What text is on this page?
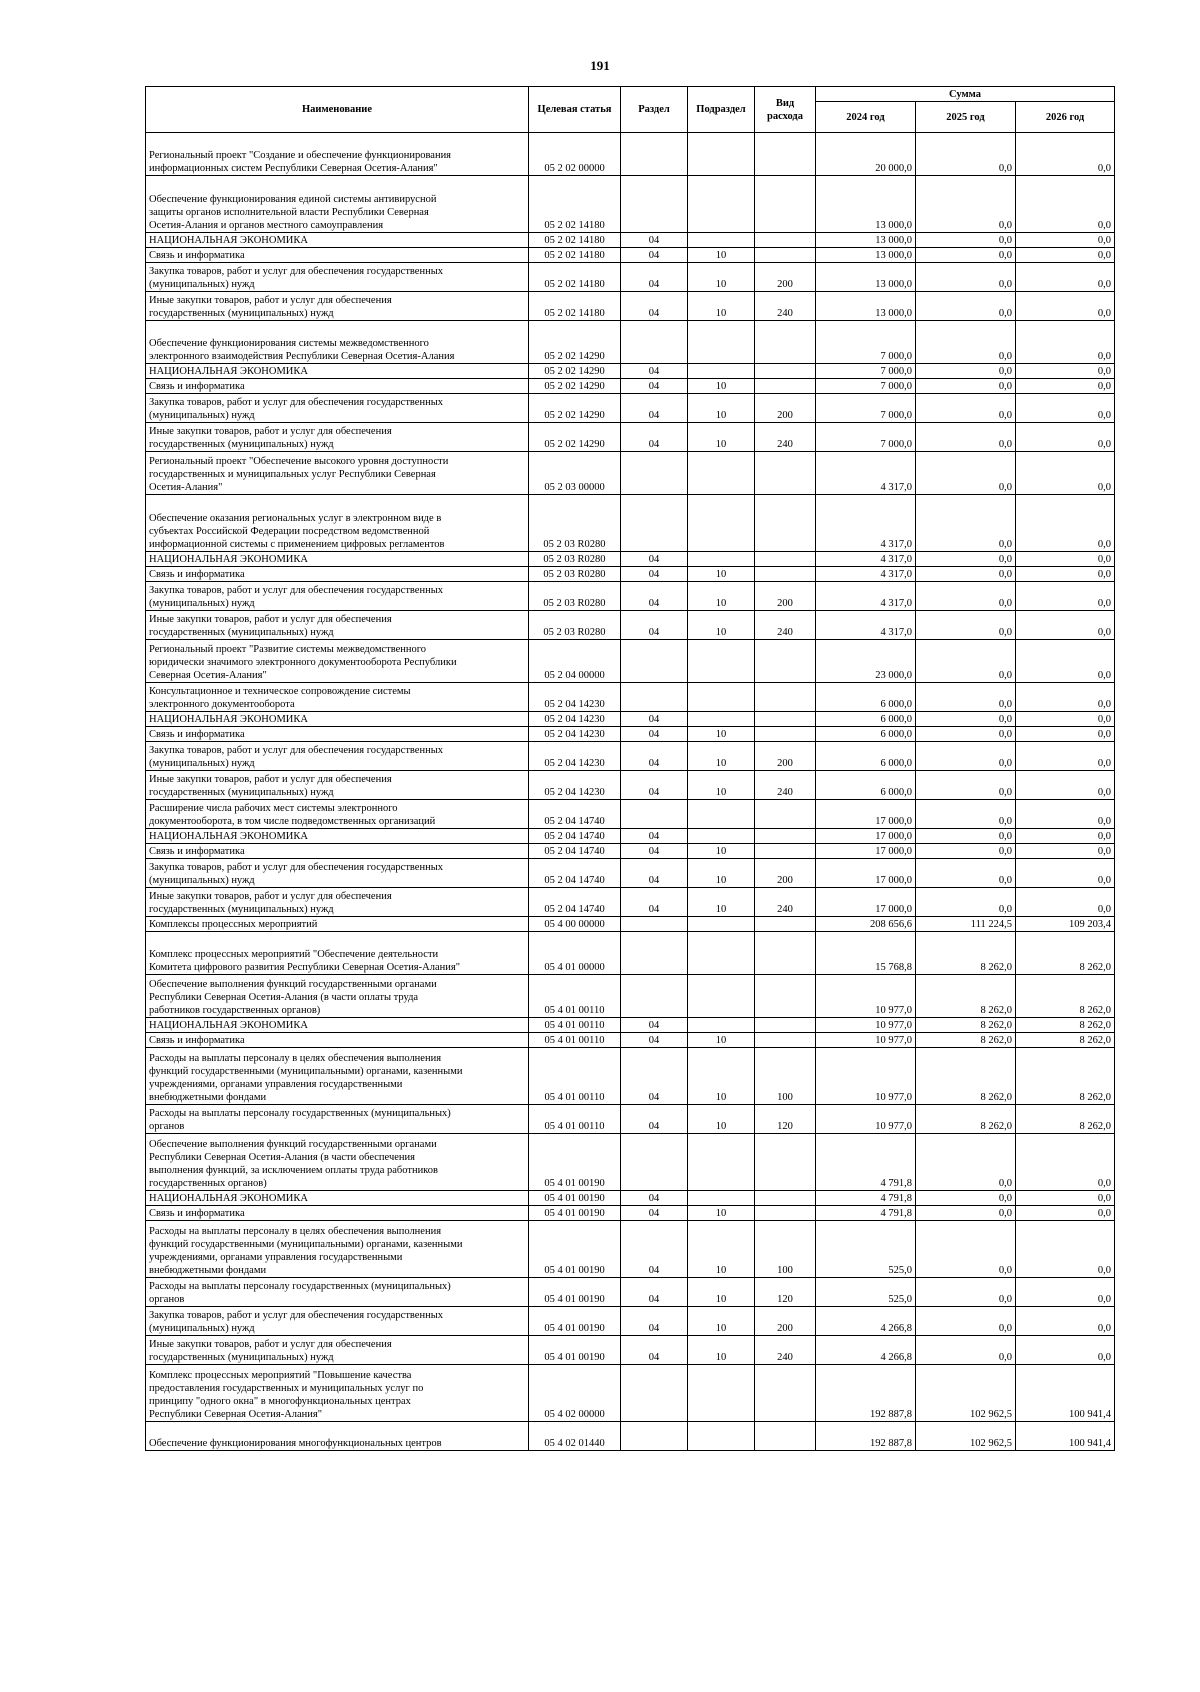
191
Наименование	Целевая статья	Раздел	Подраздел	Вид расхода	Сумма		
					2024 год	2025 год	2026 год
Региональный проект "Создание и обеспечение функционирования
информационных систем Республики Северная Осетия-Алания"	05 2 02 00000				20 000,0	0,0	0,0
Обеспечение функционирования единой системы антивирусной
защиты органов исполнительной власти Республики Северная
Осетия-Алания и органов местного самоуправления	05 2 02 14180				13 000,0	0,0	0,0
НАЦИОНАЛЬНАЯ ЭКОНОМИКА	05 2 02 14180	04			13 000,0	0,0	0,0
Связь и информатика	05 2 02 14180	04	10		13 000,0	0,0	0,0
Закупка товаров, работ и услуг для обеспечения государственных
(муниципальных) нужд	05 2 02 14180	04	10	200	13 000,0	0,0	0,0
Иные закупки товаров, работ и услуг для обеспечения
государственных (муниципальных) нужд	05 2 02 14180	04	10	240	13 000,0	0,0	0,0
Обеспечение функционирования системы межведомственного
электронного взаимодействия Республики Северная Осетия-Алания	05 2 02 14290				7 000,0	0,0	0,0
НАЦИОНАЛЬНАЯ ЭКОНОМИКА	05 2 02 14290	04			7 000,0	0,0	0,0
Связь и информатика	05 2 02 14290	04	10		7 000,0	0,0	0,0
Закупка товаров, работ и услуг для обеспечения государственных
(муниципальных) нужд	05 2 02 14290	04	10	200	7 000,0	0,0	0,0
Иные закупки товаров, работ и услуг для обеспечения
государственных (муниципальных) нужд	05 2 02 14290	04	10	240	7 000,0	0,0	0,0
Региональный проект "Обеспечение высокого уровня доступности
государственных и муниципальных услуг Республики Северная
Осетия-Алания"	05 2 03 00000				4 317,0	0,0	0,0
Обеспечение оказания региональных услуг в электронном виде в
субъектах Российской Федерации посредством ведомственной
информационной системы с применением цифровых регламентов	05 2 03 R0280				4 317,0	0,0	0,0
НАЦИОНАЛЬНАЯ ЭКОНОМИКА	05 2 03 R0280	04			4 317,0	0,0	0,0
Связь и информатика	05 2 03 R0280	04	10		4 317,0	0,0	0,0
Закупка товаров, работ и услуг для обеспечения государственных
(муниципальных) нужд	05 2 03 R0280	04	10	200	4 317,0	0,0	0,0
Иные закупки товаров, работ и услуг для обеспечения
государственных (муниципальных) нужд	05 2 03 R0280	04	10	240	4 317,0	0,0	0,0
Региональный проект "Развитие системы межведомственного
юридически значимого электронного документооборота Республики
Северная Осетия-Алания"	05 2 04 00000				23 000,0	0,0	0,0
Консультационное и техническое сопровождение системы
электронного документооборота	05 2 04 14230				6 000,0	0,0	0,0
НАЦИОНАЛЬНАЯ ЭКОНОМИКА	05 2 04 14230	04			6 000,0	0,0	0,0
Связь и информатика	05 2 04 14230	04	10		6 000,0	0,0	0,0
Закупка товаров, работ и услуг для обеспечения государственных
(муниципальных) нужд	05 2 04 14230	04	10	200	6 000,0	0,0	0,0
Иные закупки товаров, работ и услуг для обеспечения
государственных (муниципальных) нужд	05 2 04 14230	04	10	240	6 000,0	0,0	0,0
Расширение числа рабочих мест системы электронного
документооборота, в том числе подведомственных организаций	05 2 04 14740				17 000,0	0,0	0,0
НАЦИОНАЛЬНАЯ ЭКОНОМИКА	05 2 04 14740	04			17 000,0	0,0	0,0
Связь и информатика	05 2 04 14740	04	10		17 000,0	0,0	0,0
Закупка товаров, работ и услуг для обеспечения государственных
(муниципальных) нужд	05 2 04 14740	04	10	200	17 000,0	0,0	0,0
Иные закупки товаров, работ и услуг для обеспечения
государственных (муниципальных) нужд	05 2 04 14740	04	10	240	17 000,0	0,0	0,0
Комплексы процессных мероприятий	05 4 00 00000				208 656,6	111 224,5	109 203,4
Комплекс процессных мероприятий "Обеспечение деятельности
Комитета цифрового развития Республики Северная Осетия-Алания"	05 4 01 00000				15 768,8	8 262,0	8 262,0
Обеспечение выполнения функций государственными органами
Республики Северная Осетия-Алания (в части оплаты труда
работников государственных органов)	05 4 01 00110				10 977,0	8 262,0	8 262,0
НАЦИОНАЛЬНАЯ ЭКОНОМИКА	05 4 01 00110	04			10 977,0	8 262,0	8 262,0
Связь и информатика	05 4 01 00110	04	10		10 977,0	8 262,0	8 262,0
Расходы на выплаты персоналу в целях обеспечения выполнения
функций государственными (муниципальными) органами, казенными
учреждениями, органами управления государственными
внебюджетными фондами	05 4 01 00110	04	10	100	10 977,0	8 262,0	8 262,0
Расходы на выплаты персоналу государственных (муниципальных)
органов	05 4 01 00110	04	10	120	10 977,0	8 262,0	8 262,0
Обеспечение выполнения функций государственными органами
Республики Северная Осетия-Алания (в части обеспечения
выполнения функций, за исключением оплаты труда работников
государственных органов)	05 4 01 00190				4 791,8	0,0	0,0
НАЦИОНАЛЬНАЯ ЭКОНОМИКА	05 4 01 00190	04			4 791,8	0,0	0,0
Связь и информатика	05 4 01 00190	04	10		4 791,8	0,0	0,0
Расходы на выплаты персоналу в целях обеспечения выполнения
функций государственными (муниципальными) органами, казенными
учреждениями, органами управления государственными
внебюджетными фондами	05 4 01 00190	04	10	100	525,0	0,0	0,0
Расходы на выплаты персоналу государственных (муниципальных)
органов	05 4 01 00190	04	10	120	525,0	0,0	0,0
Закупка товаров, работ и услуг для обеспечения государственных
(муниципальных) нужд	05 4 01 00190	04	10	200	4 266,8	0,0	0,0
Иные закупки товаров, работ и услуг для обеспечения
государственных (муниципальных) нужд	05 4 01 00190	04	10	240	4 266,8	0,0	0,0
Комплекс процессных мероприятий "Повышение качества
предоставления государственных и муниципальных услуг по
принципу "одного окна" в многофункциональных центрах
Республики Северная Осетия-Алания"	05 4 02 00000				192 887,8	102 962,5	100 941,4
Обеспечение функционирования многофункциональных центров	05 4 02 01440				192 887,8	102 962,5	100 941,4
